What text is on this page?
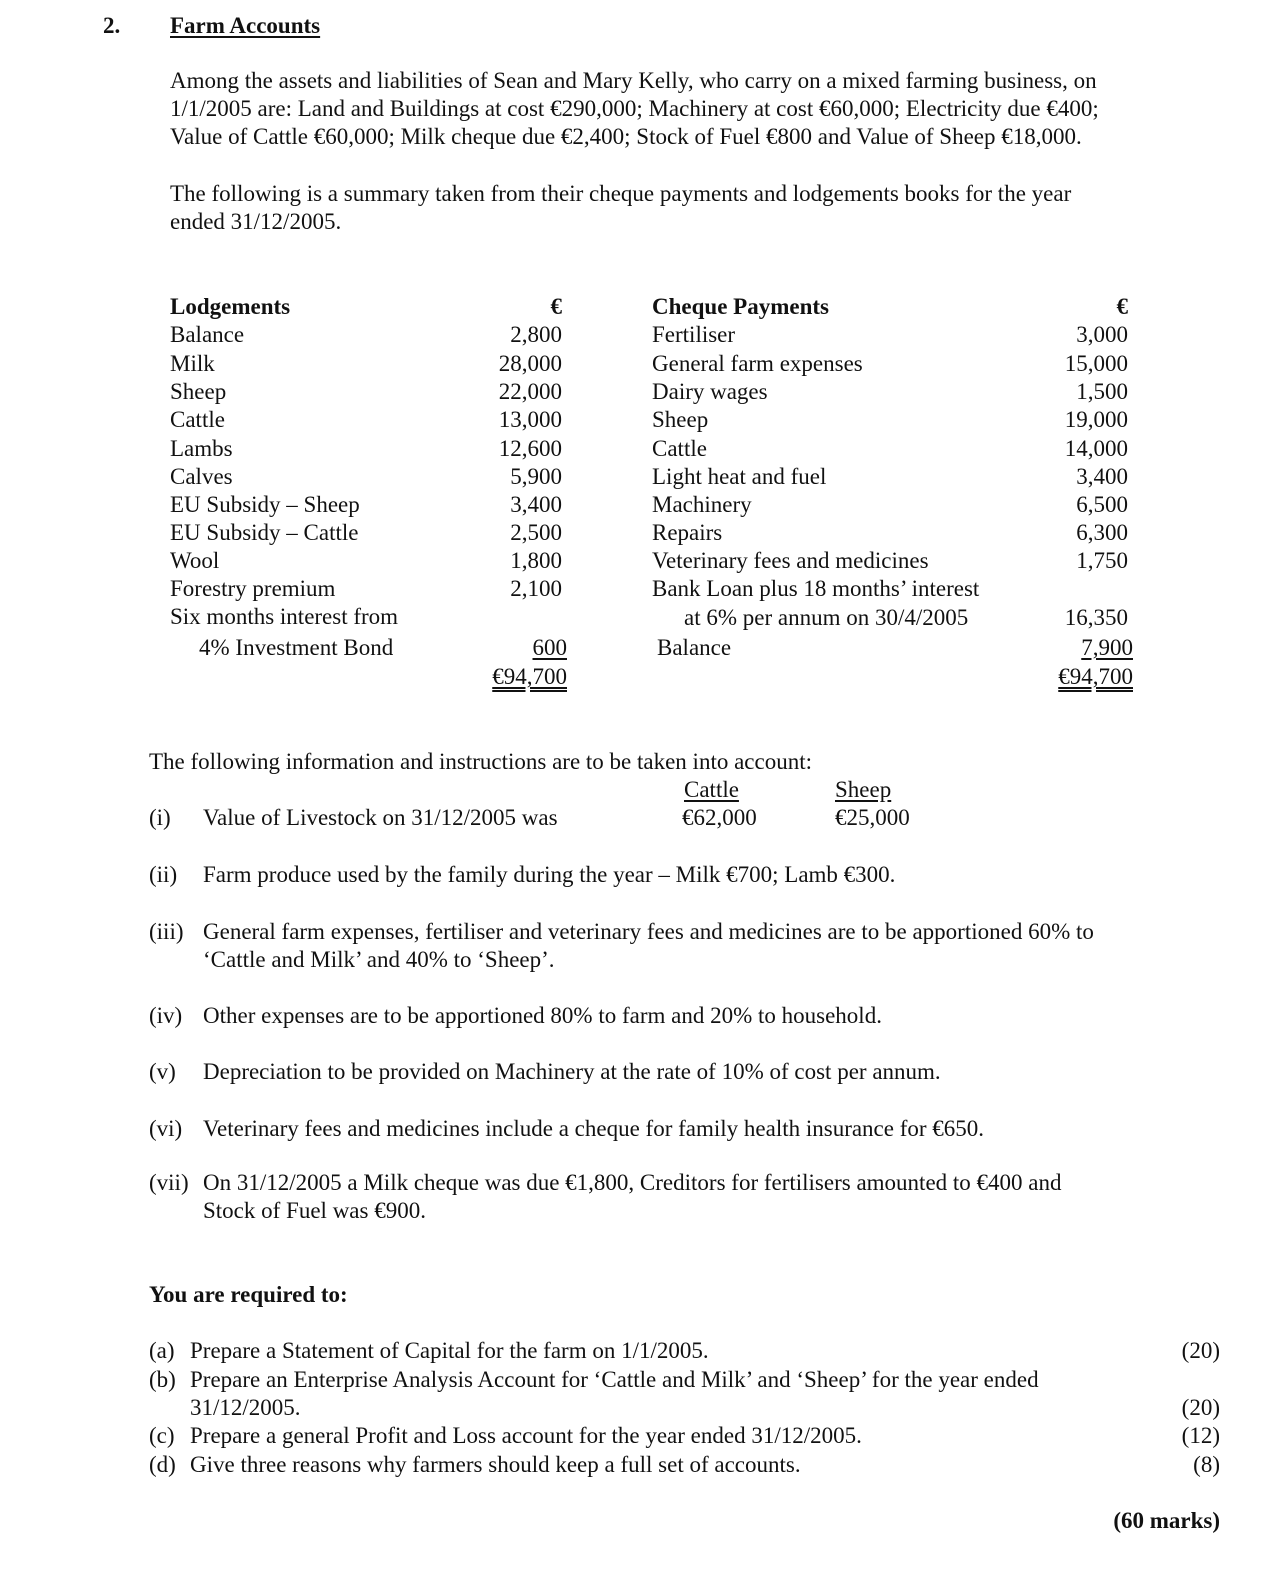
2. Farm Accounts
Among the assets and liabilities of Sean and Mary Kelly, who carry on a mixed farming business, on
1/1/2005 are: Land and Buildings at cost €290,000; Machinery at cost €60,000; Electricity due €400;
Value of Cattle €60,000; Milk cheque due €2,400; Stock of Fuel €800 and Value of Sheep €18,000.
The following is a summary taken from their cheque payments and lodgements books for the year
ended 31/12/2005.
Lodgements	€
Balance	2,800
Milk	28,000
Sheep	22,000
Cattle	13,000
Lambs	12,600
Calves	5,900
EU Subsidy – Sheep	3,400
EU Subsidy – Cattle	2,500
Wool	1,800
Forestry premium	2,100
Six months interest from
4% Investment Bond	600
€94,700
Cheque Payments	€
Fertiliser	3,000
General farm expenses	15,000
Dairy wages	1,500
Sheep	19,000
Cattle	14,000
Light heat and fuel	3,400
Machinery	6,500
Repairs	6,300
Veterinary fees and medicines	1,750
Bank Loan plus 18 months’ interest
at 6% per annum on 30/4/2005	16,350
Balance	7,900
€94,700
The following information and instructions are to be taken into account:
Cattle	Sheep
€62,000	€25,000
(i) Value of Livestock on 31/12/2005 was
(ii) Farm produce used by the family during the year – Milk €700; Lamb €300.
(iii) General farm expenses, fertiliser and veterinary fees and medicines are to be apportioned 60% to
‘Cattle and Milk’ and 40% to ‘Sheep’.
(iv) Other expenses are to be apportioned 80% to farm and 20% to household.
(v) Depreciation to be provided on Machinery at the rate of 10% of cost per annum.
(vi) Veterinary fees and medicines include a cheque for family health insurance for €650.
(vii) On 31/12/2005 a Milk cheque was due €1,800, Creditors for fertilisers amounted to €400 and
Stock of Fuel was €900.
You are required to:
(a) Prepare a Statement of Capital for the farm on 1/1/2005.	(20)
(b) Prepare an Enterprise Analysis Account for ‘Cattle and Milk’ and ‘Sheep’ for the year ended
31/12/2005.	(20)
(c) Prepare a general Profit and Loss account for the year ended 31/12/2005.	(12)
(d) Give three reasons why farmers should keep a full set of accounts.	(8)
(60 marks)
